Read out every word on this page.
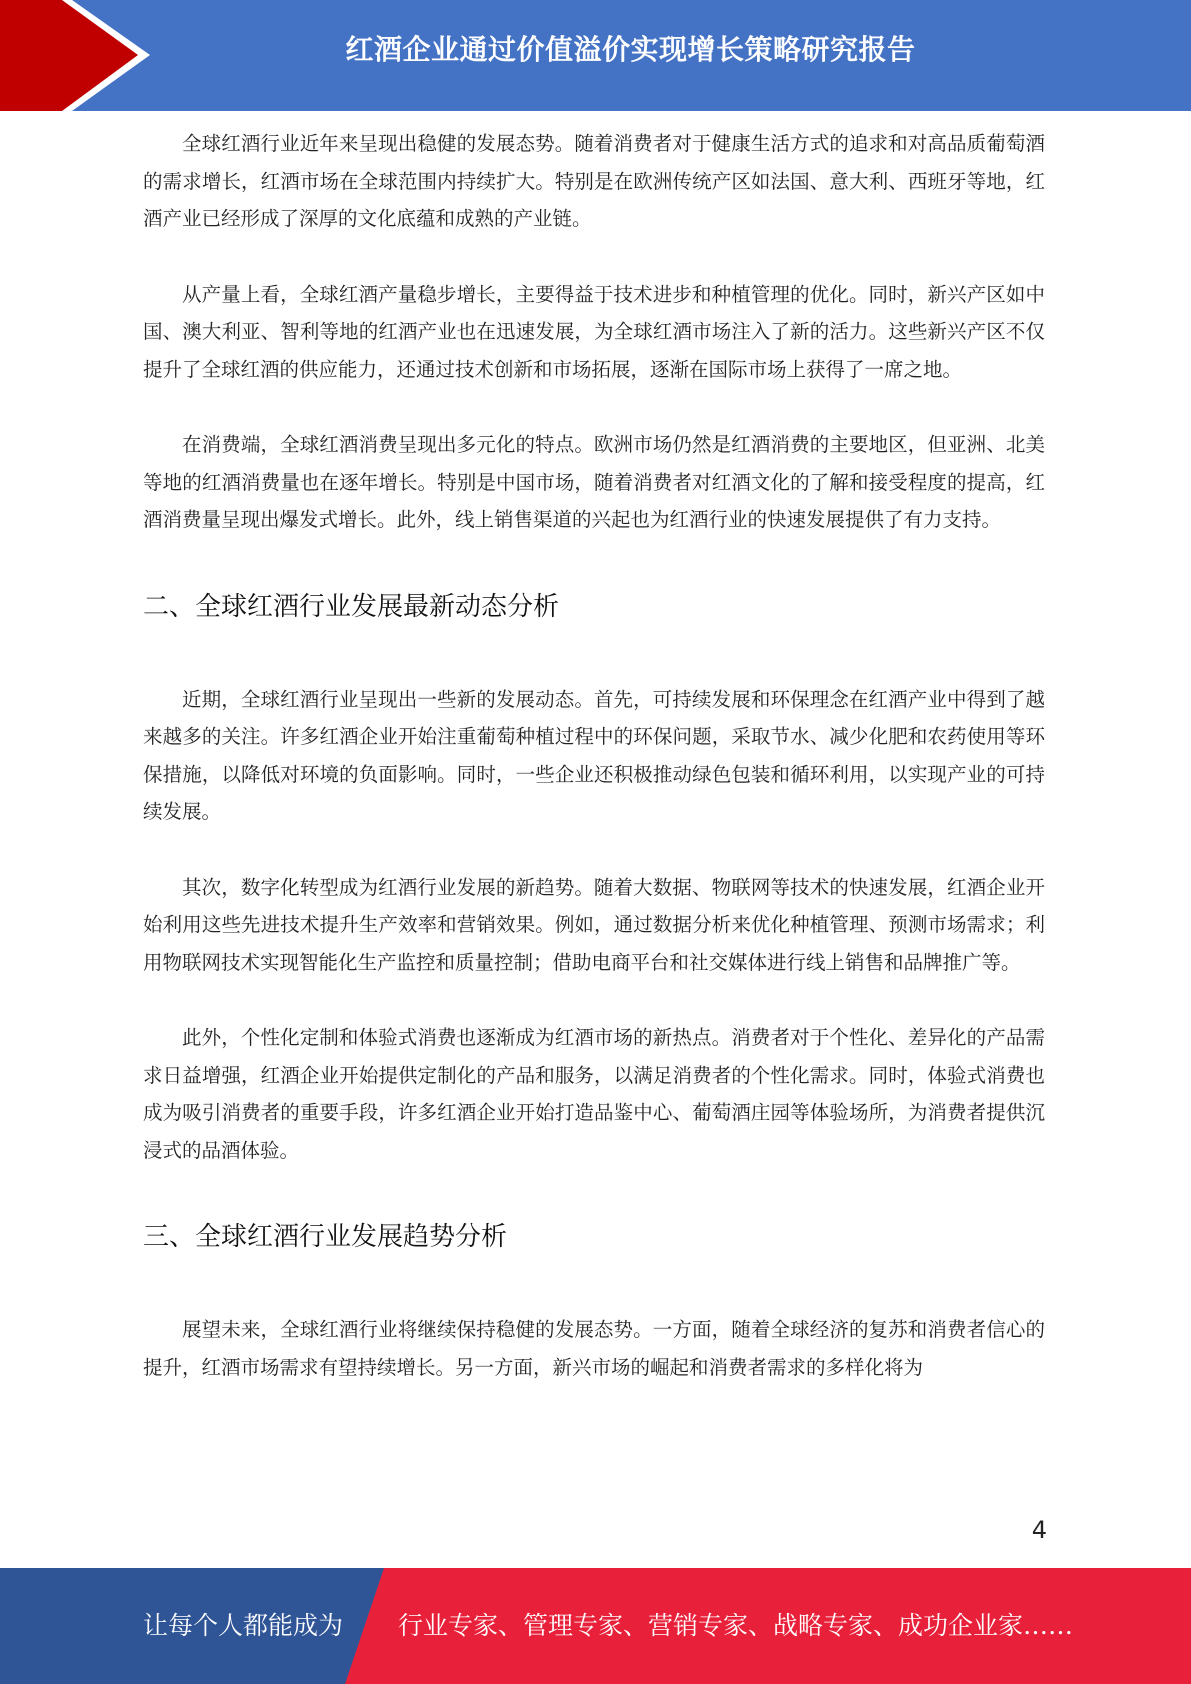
红酒企业通过价值溢价实现增长策略研究报告

全球红酒行业近年来呈现出稳健的发展态势。随着消费者对于健康生活方式的追求和对高品质葡萄酒的需求增长，红酒市场在全球范围内持续扩大。特别是在欧洲传统产区如法国、意大利、西班牙等地，红酒产业已经形成了深厚的文化底蕴和成熟的产业链。

从产量上看，全球红酒产量稳步增长，主要得益于技术进步和种植管理的优化。同时，新兴产区如中国、澳大利亚、智利等地的红酒产业也在迅速发展，为全球红酒市场注入了新的活力。这些新兴产区不仅提升了全球红酒的供应能力，还通过技术创新和市场拓展，逐渐在国际市场上获得了一席之地。

在消费端，全球红酒消费呈现出多元化的特点。欧洲市场仍然是红酒消费的主要地区，但亚洲、北美等地的红酒消费量也在逐年增长。特别是中国市场，随着消费者对红酒文化的了解和接受程度的提高，红酒消费量呈现出爆发式增长。此外，线上销售渠道的兴起也为红酒行业的快速发展提供了有力支持。

二、全球红酒行业发展最新动态分析

近期，全球红酒行业呈现出一些新的发展动态。首先，可持续发展和环保理念在红酒产业中得到了越来越多的关注。许多红酒企业开始注重葡萄种植过程中的环保问题，采取节水、减少化肥和农药使用等环保措施，以降低对环境的负面影响。同时，一些企业还积极推动绿色包装和循环利用，以实现产业的可持续发展。

其次，数字化转型成为红酒行业发展的新趋势。随着大数据、物联网等技术的快速发展，红酒企业开始利用这些先进技术提升生产效率和营销效果。例如，通过数据分析来优化种植管理、预测市场需求；利用物联网技术实现智能化生产监控和质量控制；借助电商平台和社交媒体进行线上销售和品牌推广等。

此外，个性化定制和体验式消费也逐渐成为红酒市场的新热点。消费者对于个性化、差异化的产品需求日益增强，红酒企业开始提供定制化的产品和服务，以满足消费者的个性化需求。同时，体验式消费也成为吸引消费者的重要手段，许多红酒企业开始打造品鉴中心、葡萄酒庄园等体验场所，为消费者提供沉浸式的品酒体验。

三、全球红酒行业发展趋势分析

展望未来，全球红酒行业将继续保持稳健的发展态势。一方面，随着全球经济的复苏和消费者信心的提升，红酒市场需求有望持续增长。另一方面，新兴市场的崛起和消费者需求的多样化将为

4
让每个人都能成为 行业专家、管理专家、营销专家、战略专家、成功企业家……
